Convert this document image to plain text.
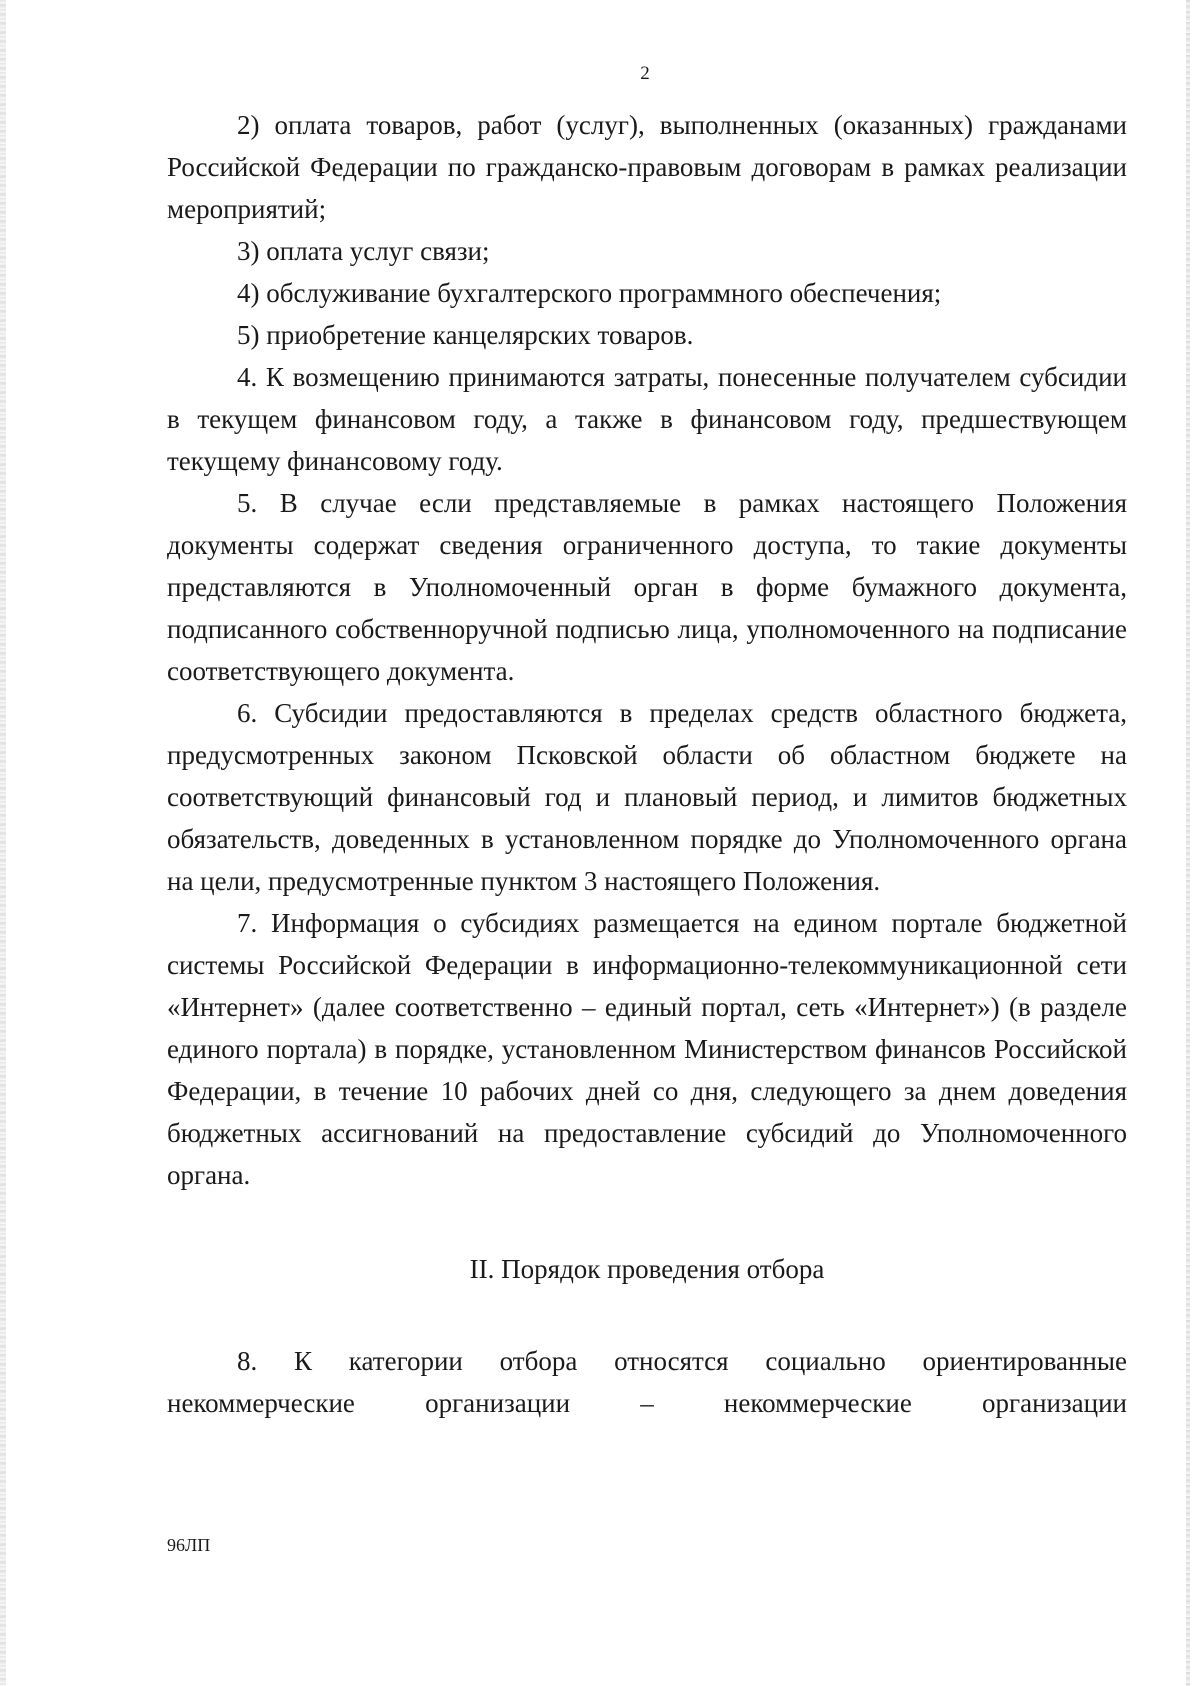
2

2) оплата товаров, работ (услуг), выполненных (оказанных) гражданами Российской Федерации по гражданско-правовым договорам в рамках реализации мероприятий;

3) оплата услуг связи;

4) обслуживание бухгалтерского программного обеспечения;

5) приобретение канцелярских товаров.

4. К возмещению принимаются затраты, понесенные получателем субсидии в текущем финансовом году, а также в финансовом году, предшествующем текущему финансовому году.

5. В случае если представляемые в рамках настоящего Положения документы содержат сведения ограниченного доступа, то такие документы представляются в Уполномоченный орган в форме бумажного документа, подписанного собственноручной подписью лица, уполномоченного на подписание соответствующего документа.

6. Субсидии предоставляются в пределах средств областного бюджета, предусмотренных законом Псковской области об областном бюджете на соответствующий финансовый год и плановый период, и лимитов бюджетных обязательств, доведенных в установленном порядке до Уполномоченного органа на цели, предусмотренные пунктом 3 настоящего Положения.

7. Информация о субсидиях размещается на едином портале бюджетной системы Российской Федерации в информационно-телекоммуникационной сети «Интернет» (далее соответственно – единый портал, сеть «Интернет») (в разделе единого портала) в порядке, установленном Министерством финансов Российской Федерации, в течение 10 рабочих дней со дня, следующего за днем доведения бюджетных ассигнований на предоставление субсидий до Уполномоченного органа.

II. Порядок проведения отбора

8. К категории отбора относятся социально ориентированные некоммерческие организации – некоммерческие организации

96ЛП
